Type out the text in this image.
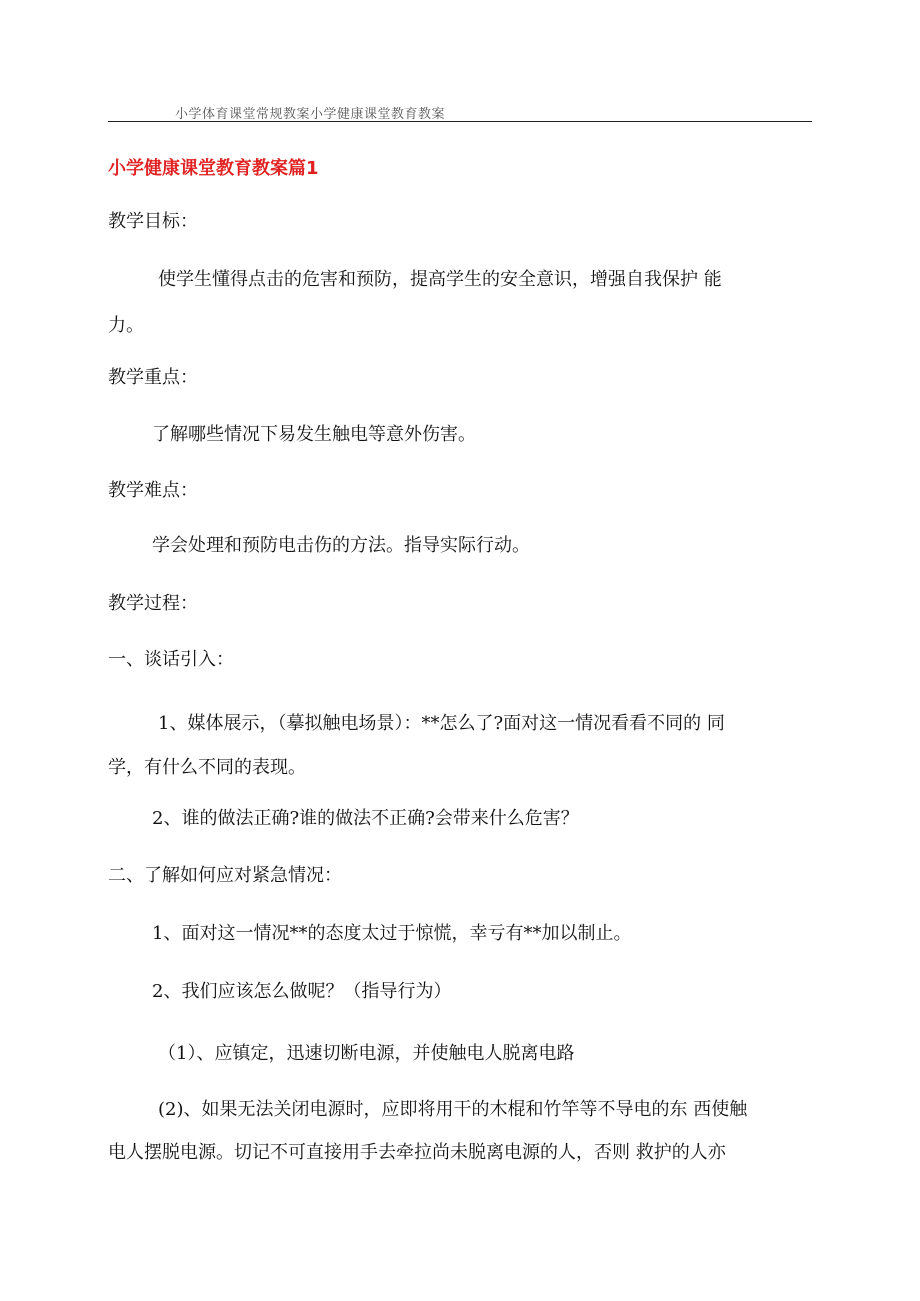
小学体育课堂常规教案小学健康课堂教育教案
小学健康课堂教育教案篇1
教学目标：
使学生懂得点击的危害和预防，提高学生的安全意识，增强自我保护 能
力。
教学重点：
了解哪些情况下易发生触电等意外伤害。
教学难点：
学会处理和预防电击伤的方法。指导实际行动。
教学过程：
一、谈话引入：
1、媒体展示，（摹拟触电场景）：**怎么了?面对这一情况看看不同的 同
学，有什么不同的表现。
2、谁的做法正确?谁的做法不正确?会带来什么危害？
二、了解如何应对紧急情况：
1、面对这一情况**的态度太过于惊慌，幸亏有**加以制止。
2、我们应该怎么做呢？（指导行为）
（1）、应镇定，迅速切断电源，并使触电人脱离电路
(2)、如果无法关闭电源时，应即将用干的木棍和竹竿等不导电的东 西使触
电人摆脱电源。切记不可直接用手去牵拉尚未脱离电源的人，否则 救护的人亦
